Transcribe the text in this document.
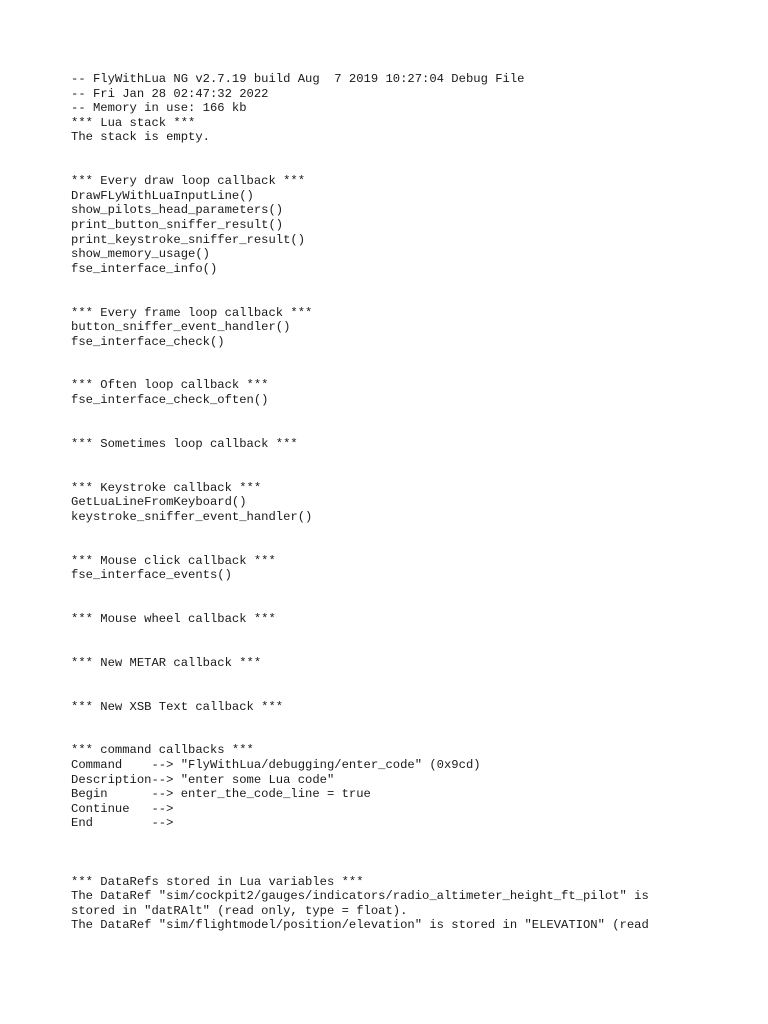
-- FlyWithLua NG v2.7.19 build Aug  7 2019 10:27:04 Debug File
-- Fri Jan 28 02:47:32 2022
-- Memory in use: 166 kb
*** Lua stack ***
The stack is empty.
*** Every draw loop callback ***
DrawFLyWithLuaInputLine()
show_pilots_head_parameters()
print_button_sniffer_result()
print_keystroke_sniffer_result()
show_memory_usage()
fse_interface_info()
*** Every frame loop callback ***
button_sniffer_event_handler()
fse_interface_check()
*** Often loop callback ***
fse_interface_check_often()
*** Sometimes loop callback ***
*** Keystroke callback ***
GetLuaLineFromKeyboard()
keystroke_sniffer_event_handler()
*** Mouse click callback ***
fse_interface_events()
*** Mouse wheel callback ***
*** New METAR callback ***
*** New XSB Text callback ***
*** command callbacks ***
Command    --> "FlyWithLua/debugging/enter_code" (0x9cd)
Description--> "enter some Lua code"
Begin      --> enter_the_code_line = true
Continue   -->
End        -->
*** DataRefs stored in Lua variables ***
The DataRef "sim/cockpit2/gauges/indicators/radio_altimeter_height_ft_pilot" is
stored in "datRAlt" (read only, type = float).
The DataRef "sim/flightmodel/position/elevation" is stored in "ELEVATION" (read
